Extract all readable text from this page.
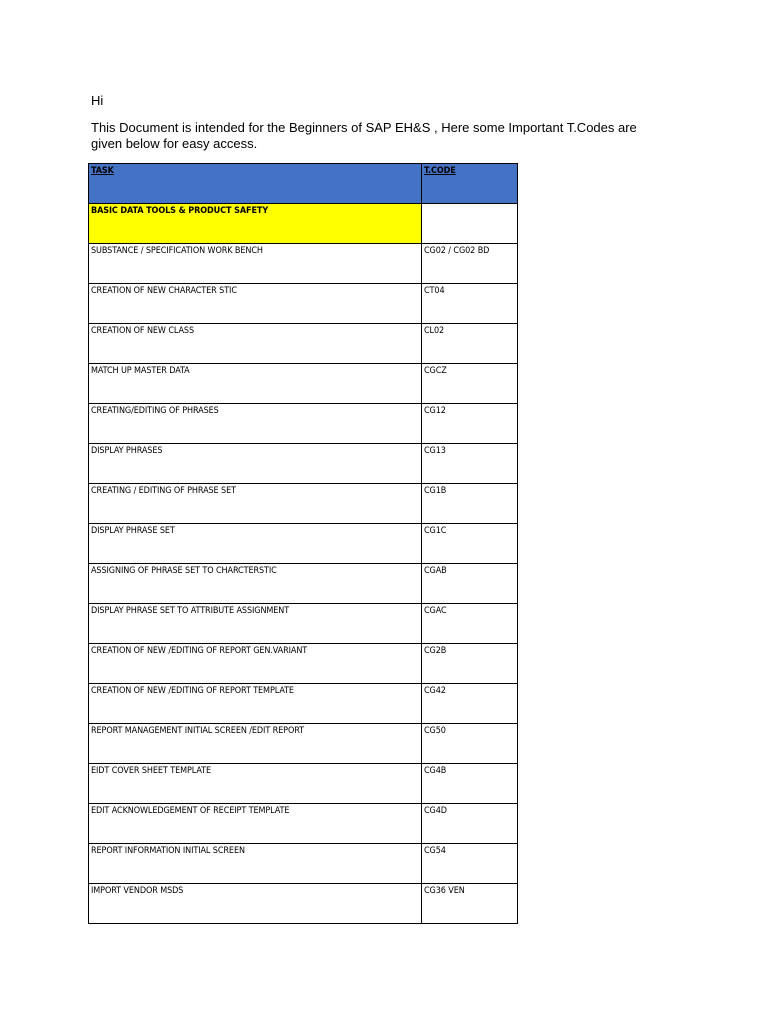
Hi
This Document is intended for the Beginners of SAP EH&S , Here some Important T.Codes are given below for easy access.
TASK	T.CODE
BASIC DATA TOOLS & PRODUCT SAFETY	
SUBSTANCE / SPECIFICATION WORK BENCH	CG02 / CG02 BD
CREATION OF NEW CHARACTER STIC	CT04
CREATION OF NEW CLASS	CL02
MATCH UP MASTER DATA	CGCZ
CREATING/EDITING OF PHRASES	CG12
DISPLAY PHRASES	CG13
CREATING / EDITING OF PHRASE SET	CG1B
DISPLAY PHRASE SET	CG1C
ASSIGNING OF PHRASE SET TO CHARCTERSTIC	CGAB
DISPLAY PHRASE SET TO ATTRIBUTE ASSIGNMENT	CGAC
CREATION OF NEW /EDITING OF REPORT GEN.VARIANT	CG2B
CREATION OF NEW /EDITING OF REPORT TEMPLATE	CG42
REPORT MANAGEMENT INITIAL SCREEN /EDIT REPORT	CG50
EIDT COVER SHEET TEMPLATE	CG4B
EDIT ACKNOWLEDGEMENT OF RECEIPT TEMPLATE	CG4D
REPORT INFORMATION INITIAL SCREEN	CG54
IMPORT VENDOR MSDS	CG36 VEN
